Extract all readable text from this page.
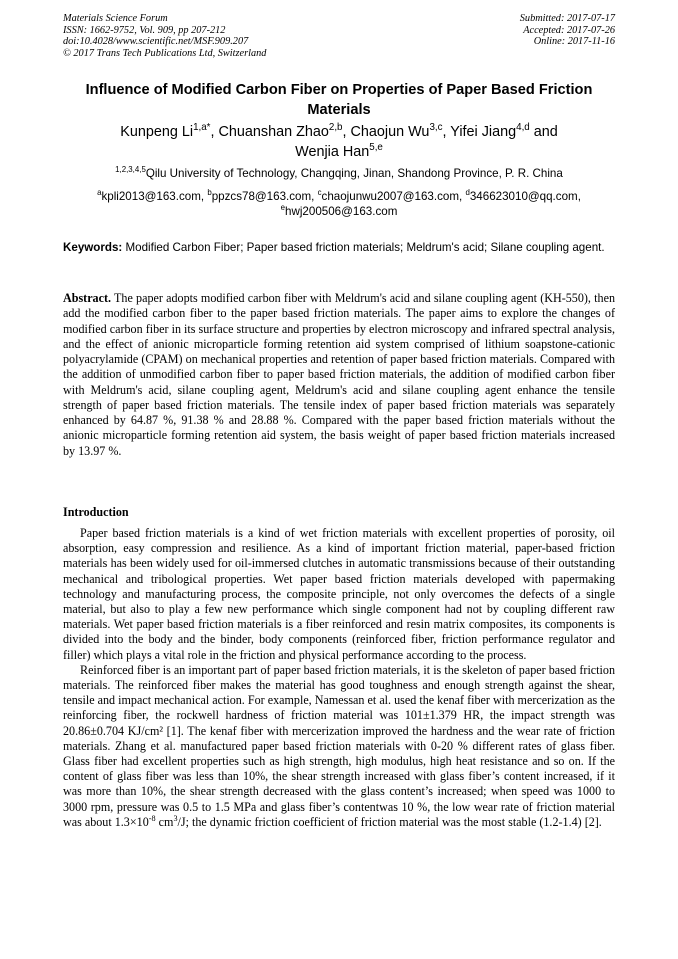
Materials Science Forum
ISSN: 1662-9752, Vol. 909, pp 207-212
doi:10.4028/www.scientific.net/MSF.909.207
© 2017 Trans Tech Publications Ltd, Switzerland
Submitted: 2017-07-17
Accepted: 2017-07-26
Online: 2017-11-16
Influence of Modified Carbon Fiber on Properties of Paper Based Friction Materials
Kunpeng $Li^{1,a*}$, Chuanshan Zhao$^{2,b}$, Chaojun Wu$^{3,c}$, Yifei Jiang$^{4,d}$ and
Wenjia Han$^{5,e}$
$^{1,2,3,4,5}$Qilu University of Technology, Changqing, Jinan, Shandong Province, P. R. China
$^a$kpli2013@163.com, $^b$ppzcs78@163.com, $^c$chaojunwu2007@163.com, $^d$346623010@qq.com,
$^e$hwj200506@163.com
Keywords: Modified Carbon Fiber; Paper based friction materials; Meldrum's acid; Silane coupling agent.
Abstract. The paper adopts modified carbon fiber with Meldrum's acid and silane coupling agent (KH-550), then add the modified carbon fiber to the paper based friction materials. The paper aims to explore the changes of modified carbon fiber in its surface structure and properties by electron microscopy and infrared spectral analysis, and the effect of anionic microparticle forming retention aid system comprised of lithium soapstone-cationic polyacrylamide (CPAM) on mechanical properties and retention of paper based friction materials. Compared with the addition of unmodified carbon fiber to paper based friction materials, the addition of modified carbon fiber with Meldrum's acid, silane coupling agent, Meldrum's acid and silane coupling agent enhance the tensile strength of paper based friction materials. The tensile index of paper based friction materials was separately enhanced by 64.87 %, 91.38 % and 28.88 %. Compared with the paper based friction materials without the anionic microparticle forming retention aid system, the basis weight of paper based friction materials increased by 13.97 %.
Introduction

Paper based friction materials is a kind of wet friction materials with excellent properties of porosity, oil absorption, easy compression and resilience. As a kind of important friction material, paper-based friction materials has been widely used for oil-immersed clutches in automatic transmissions because of their outstanding mechanical and tribological properties. Wet paper based friction materials developed with papermaking technology and manufacturing process, the composite principle, not only overcomes the defects of a single material, but also to play a few new performance which single component had not by coupling different raw materials. Wet paper based friction materials is a fiber reinforced and resin matrix composites, its components is divided into the body and the binder, body components (reinforced fiber, friction performance regulator and filler) which plays a vital role in the friction and physical performance according to the process.

Reinforced fiber is an important part of paper based friction materials, it is the skeleton of paper based friction materials. The reinforced fiber makes the material has good toughness and enough strength against the shear, tensile and impact mechanical action. For example, Namessan et al. used the kenaf fiber with mercerization as the reinforcing fiber, the rockwell hardness of friction material was 101±1.379 HR, the impact strength was 20.86±0.704 KJ/cm² [1]. The kenaf fiber with mercerization improved the hardness and the wear rate of friction materials. Zhang et al. manufactured paper based friction materials with 0-20 % different rates of glass fiber. Glass fiber had excellent properties such as high strength, high modulus, high heat resistance and so on. If the content of glass fiber was less than 10%, the shear strength increased with glass fiber’s content increased, if it was more than 10%, the shear strength decreased with the glass content’s increased; when speed was 1000 to 3000 rpm, pressure was 0.5 to 1.5 MPa and glass fiber’s contentwas 10 %, the low wear rate of friction material was about $1.3\times 10^{-8}$ $cm^3/J$; the dynamic friction coefficient of friction material was the most stable (1.2-1.4) [2].
